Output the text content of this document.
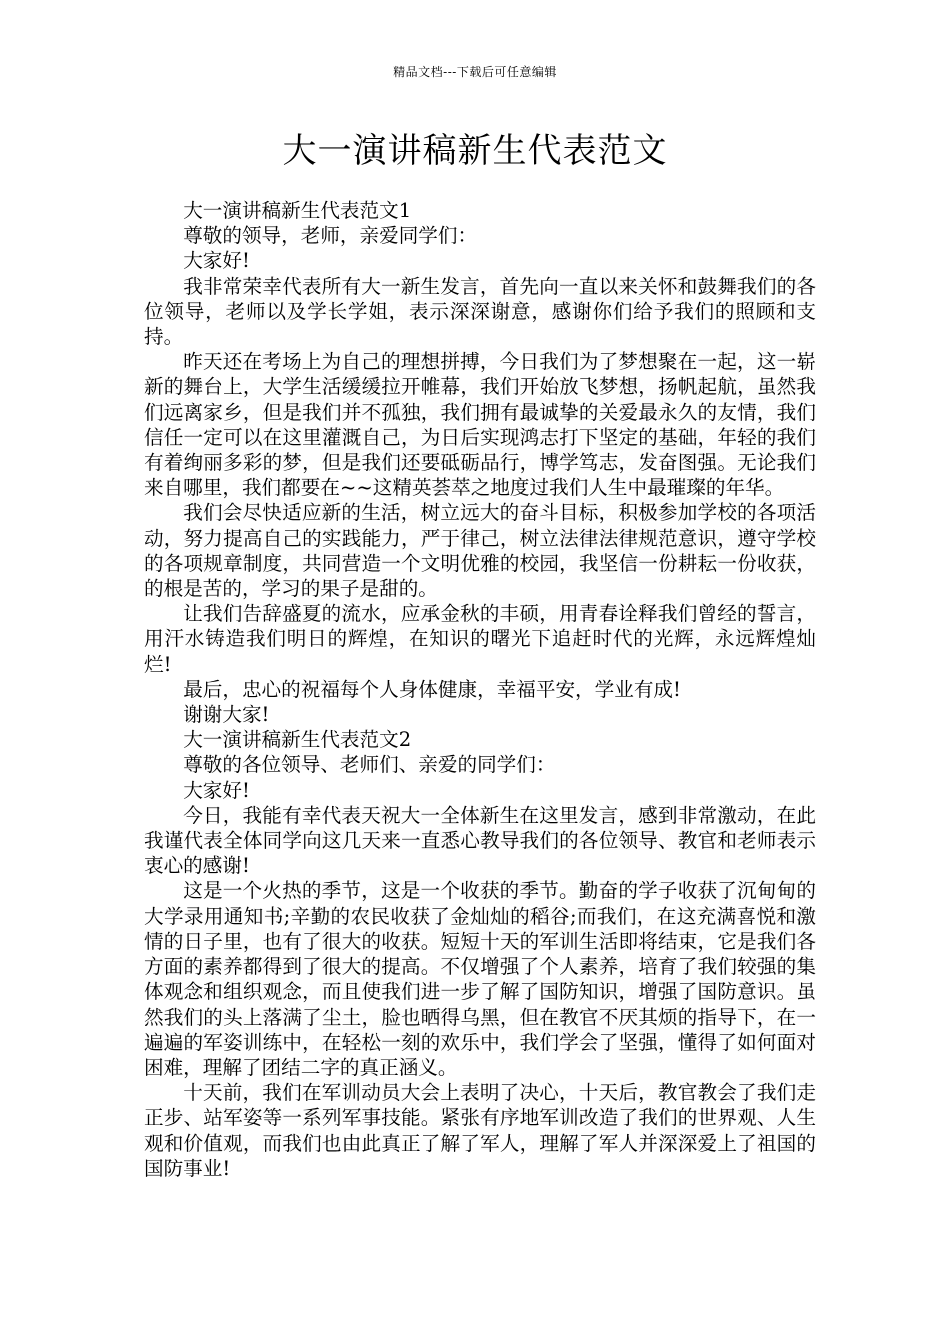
精品文档---下载后可任意编辑
大一演讲稿新生代表范文

大一演讲稿新生代表范文1

尊敬的领导，老师，亲爱同学们：

大家好!

我非常荣幸代表所有大一新生发言，首先向一直以来关怀和鼓舞我们的各位领导，老师以及学长学姐，表示深深谢意，感谢你们给予我们的照顾和支持。

昨天还在考场上为自己的理想拼搏，今日我们为了梦想聚在一起，这一崭新的舞台上，大学生活缓缓拉开帷幕，我们开始放飞梦想，扬帆起航，虽然我们远离家乡，但是我们并不孤独，我们拥有最诚挚的关爱最永久的友情，我们信任一定可以在这里灌溉自己，为日后实现鸿志打下坚定的基础，年轻的我们有着绚丽多彩的梦，但是我们还要砥砺品行，博学笃志，发奋图强。无论我们来自哪里，我们都要在~~这精英荟萃之地度过我们人生中最璀璨的年华。

我们会尽快适应新的生活，树立远大的奋斗目标，积极参加学校的各项活动，努力提高自己的实践能力，严于律己，树立法律法律规范意识，遵守学校的各项规章制度，共同营造一个文明优雅的校园，我坚信一份耕耘一份收获，的根是苦的，学习的果子是甜的。

让我们告辞盛夏的流水，应承金秋的丰硕，用青春诠释我们曾经的誓言，用汗水铸造我们明日的辉煌，在知识的曙光下追赶时代的光辉，永远辉煌灿烂!

最后，忠心的祝福每个人身体健康，幸福平安，学业有成!

谢谢大家!

大一演讲稿新生代表范文2

尊敬的各位领导、老师们、亲爱的同学们：

大家好!

今日，我能有幸代表天祝大一全体新生在这里发言，感到非常激动，在此我谨代表全体同学向这几天来一直悉心教导我们的各位领导、教官和老师表示衷心的感谢!

这是一个火热的季节，这是一个收获的季节。勤奋的学子收获了沉甸甸的大学录用通知书;辛勤的农民收获了金灿灿的稻谷;而我们，在这充满喜悦和激情的日子里，也有了很大的收获。短短十天的军训生活即将结束，它是我们各方面的素养都得到了很大的提高。不仅增强了个人素养，培育了我们较强的集体观念和组织观念，而且使我们进一步了解了国防知识，增强了国防意识。虽然我们的头上落满了尘土，脸也晒得乌黑，但在教官不厌其烦的指导下，在一遍遍的军姿训练中，在轻松一刻的欢乐中，我们学会了坚强，懂得了如何面对困难，理解了团结二字的真正涵义。

十天前，我们在军训动员大会上表明了决心，十天后，教官教会了我们走正步、站军姿等一系列军事技能。紧张有序地军训改造了我们的世界观、人生观和价值观，而我们也由此真正了解了军人，理解了军人并深深爱上了祖国的国防事业!
